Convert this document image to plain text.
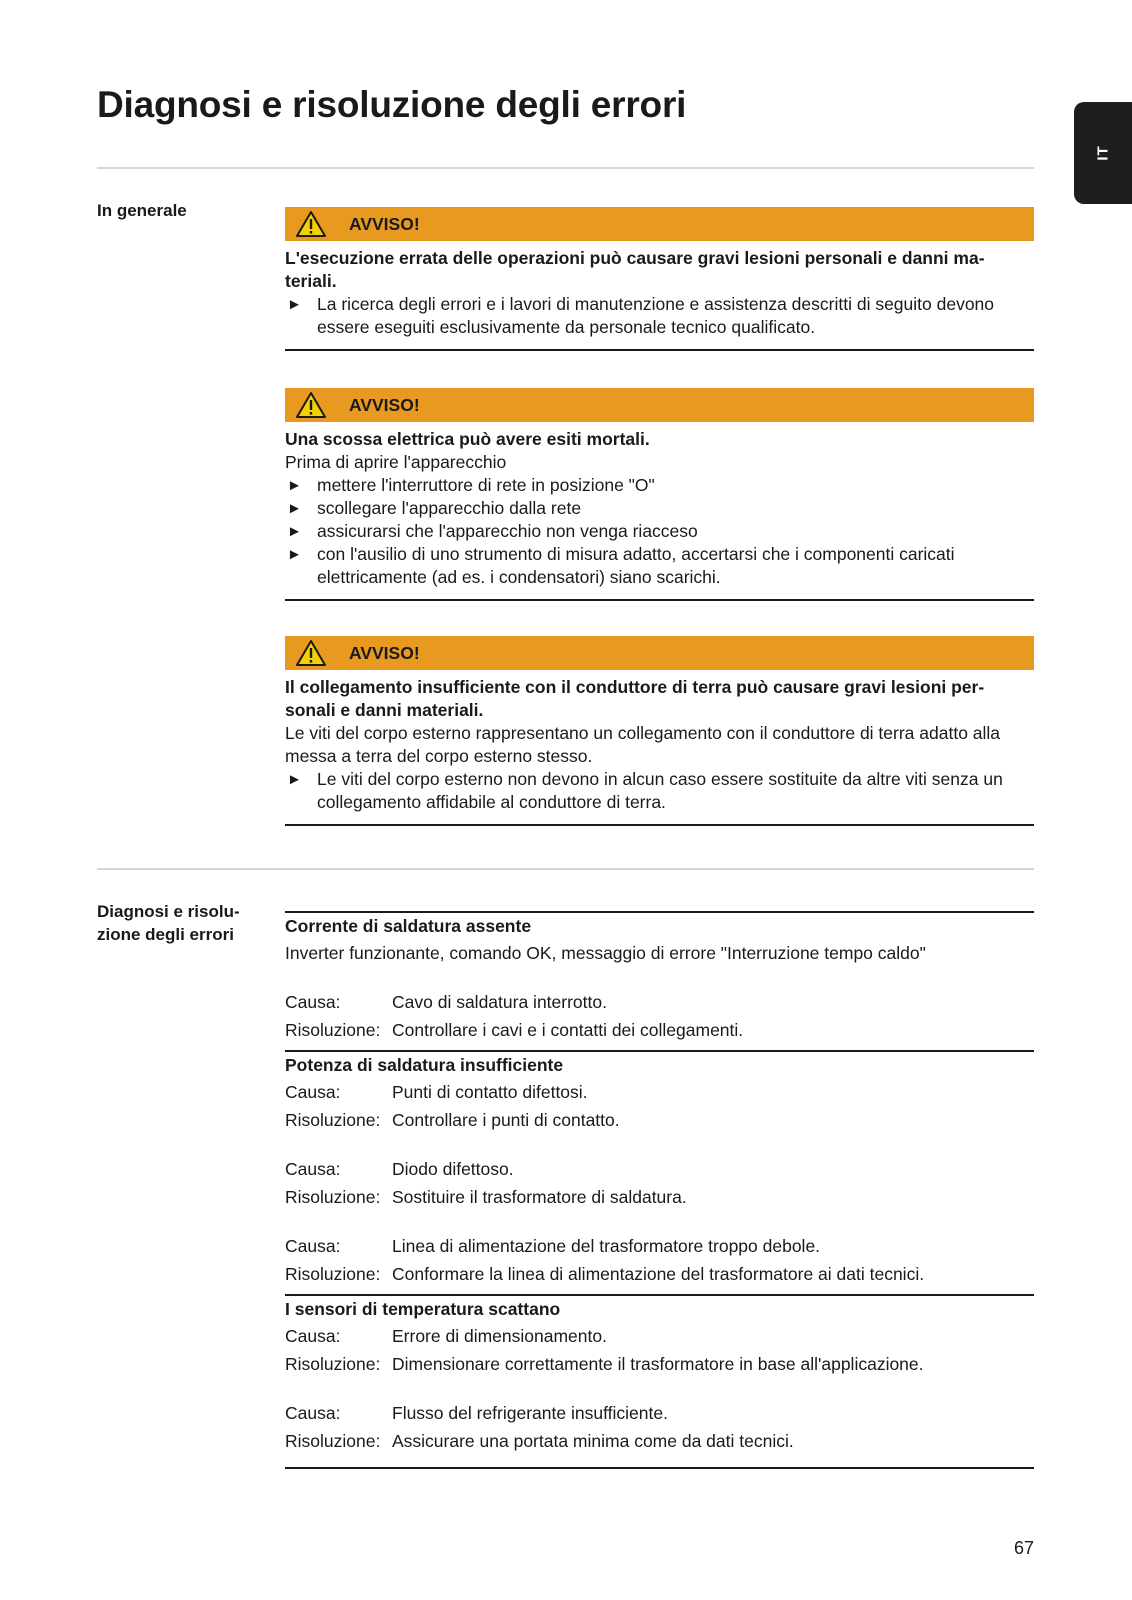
Diagnosi e risoluzione degli errori
IT
In generale
AVVISO!
L'esecuzione errata delle operazioni può causare gravi lesioni personali e danni ma-teriali.
► La ricerca degli errori e i lavori di manutenzione e assistenza descritti di seguito devono essere eseguiti esclusivamente da personale tecnico qualificato.
AVVISO!
Una scossa elettrica può avere esiti mortali.
Prima di aprire l'apparecchio
► mettere l'interruttore di rete in posizione "O"
► scollegare l'apparecchio dalla rete
► assicurarsi che l'apparecchio non venga riacceso
► con l'ausilio di uno strumento di misura adatto, accertarsi che i componenti caricati elettricamente (ad es. i condensatori) siano scarichi.
AVVISO!
Il collegamento insufficiente con il conduttore di terra può causare gravi lesioni per-sonali e danni materiali.
Le viti del corpo esterno rappresentano un collegamento con il conduttore di terra adatto alla messa a terra del corpo esterno stesso.
► Le viti del corpo esterno non devono in alcun caso essere sostituite da altre viti senza un collegamento affidabile al conduttore di terra.
Diagnosi e risolu-zione degli errori	Corrente di saldatura assente
Inverter funzionante, comando OK, messaggio di errore "Interruzione tempo caldo"
Causa:	Cavo di saldatura interrotto.
Risoluzione: Controllare i cavi e i contatti dei collegamenti.
Potenza di saldatura insufficiente
Causa:	Punti di contatto difettosi.
Risoluzione: Controllare i punti di contatto.
Causa:	Diodo difettoso.
Risoluzione: Sostituire il trasformatore di saldatura.
Causa:	Linea di alimentazione del trasformatore troppo debole.
Risoluzione: Conformare la linea di alimentazione del trasformatore ai dati tecnici.
I sensori di temperatura scattano
Causa:	Errore di dimensionamento.
Risoluzione: Dimensionare correttamente il trasformatore in base all'applicazione.
Causa:	Flusso del refrigerante insufficiente.
Risoluzione: Assicurare una portata minima come da dati tecnici.
67
